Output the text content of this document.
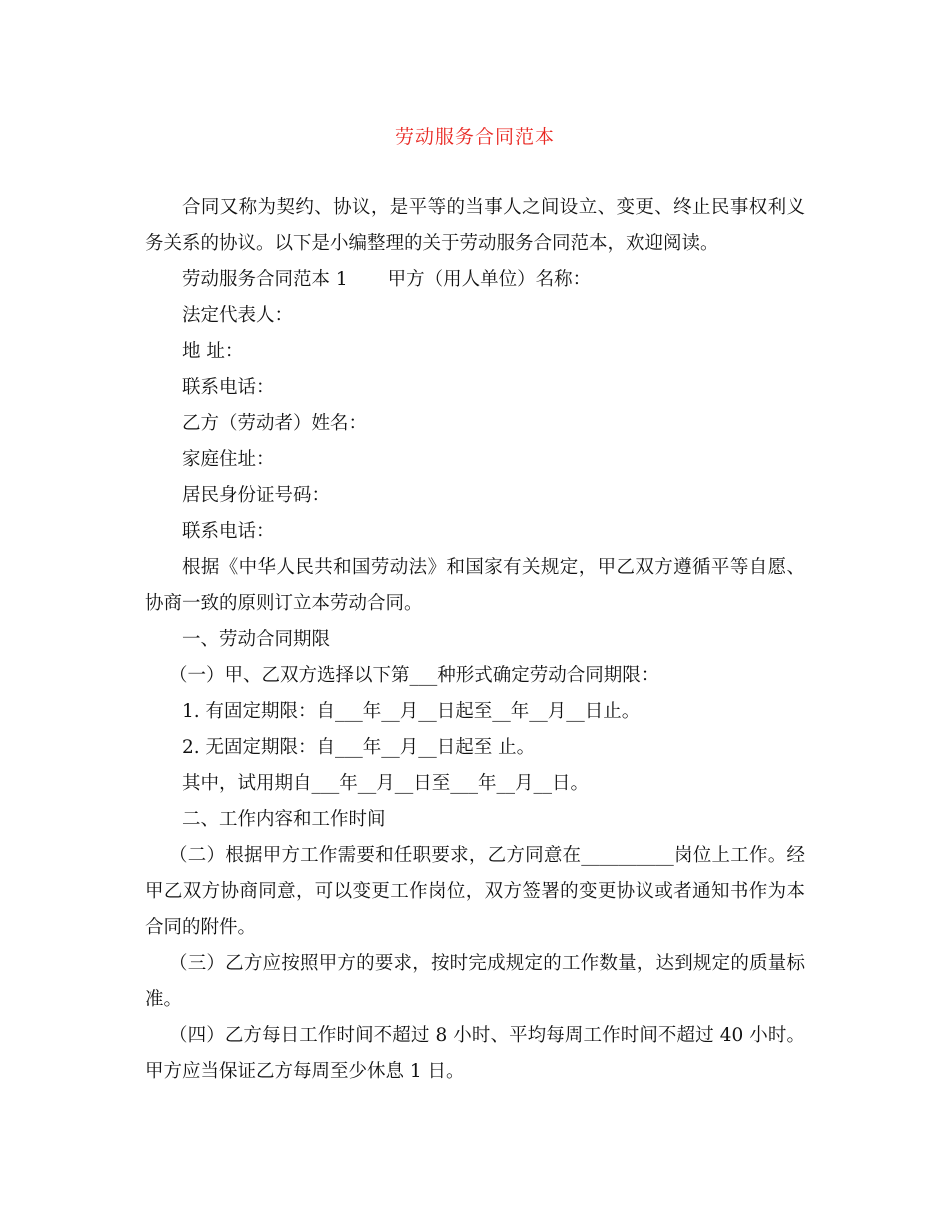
劳动服务合同范本

合同又称为契约、协议，是平等的当事人之间设立、变更、终止民事权利义务关系的协议。以下是小编整理的关于劳动服务合同范本，欢迎阅读。

劳动服务合同范本 1 甲方（用人单位）名称：

法定代表人：

地 址：

联系电话：

乙方（劳动者）姓名：

家庭住址：

居民身份证号码：

联系电话：

根据《中华人民共和国劳动法》和国家有关规定，甲乙双方遵循平等自愿、协商一致的原则订立本劳动合同。

一、劳动合同期限

（一）甲、乙双方选择以下第___种形式确定劳动合同期限：

1. 有固定期限：自___年__月__日起至__年__月__日止。

2. 无固定期限：自___年__月__日起至 止。

其中，试用期自___年__月__日至___年__月__日。

二、工作内容和工作时间

（二）根据甲方工作需要和任职要求，乙方同意在__________岗位上工作。经甲乙双方协商同意，可以变更工作岗位，双方签署的变更协议或者通知书作为本合同的附件。

（三）乙方应按照甲方的要求，按时完成规定的工作数量，达到规定的质量标准。

（四）乙方每日工作时间不超过 8 小时、平均每周工作时间不超过 40 小时。甲方应当保证乙方每周至少休息 1 日。
